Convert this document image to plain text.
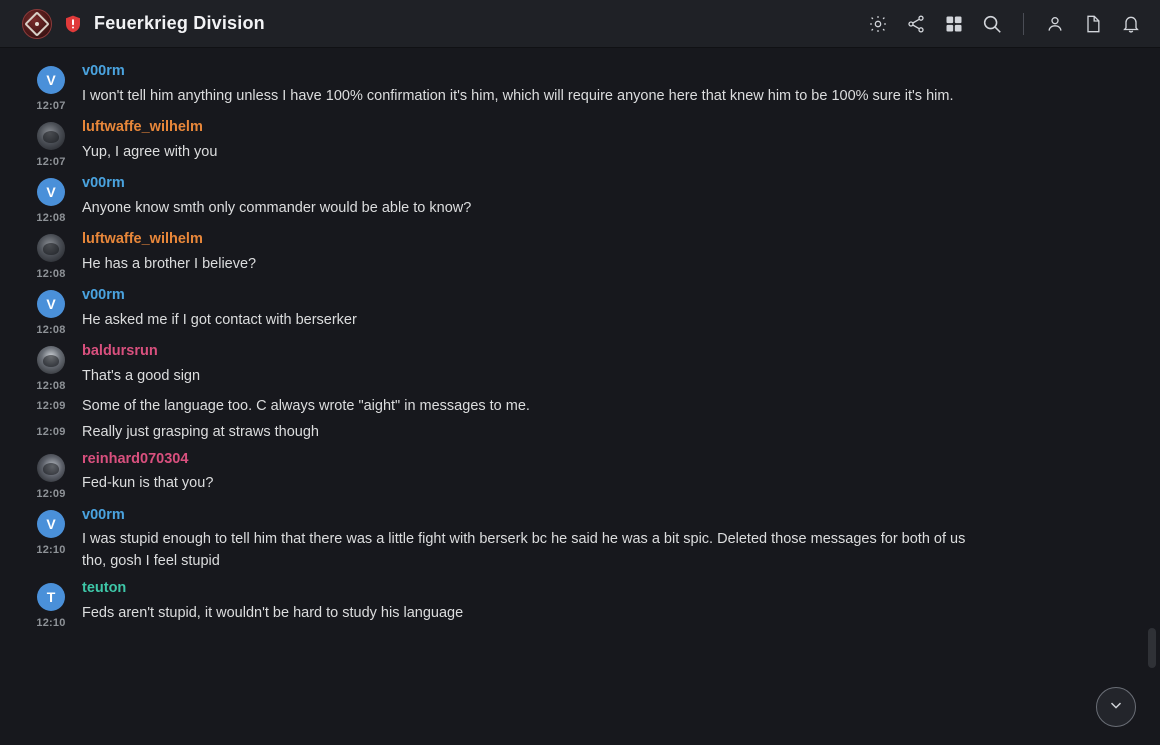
Feuerkrieg Division
V
12:07
v00rm
I won't tell him anything unless I have 100% confirmation it's him, which will require anyone here that knew him to be 100% sure it's him.
12:07
luftwaffe_wilhelm
Yup, I agree with you
V
12:08
v00rm
Anyone know smth only commander would be able to know?
12:08
luftwaffe_wilhelm
He has a brother I believe?
V
12:08
v00rm
He asked me if I got contact with berserker
12:08
baldursrun
That's a good sign
12:09 Some of the language too. C always wrote "aight" in messages to me.
12:09 Really just grasping at straws though
12:09
reinhard070304
Fed-kun is that you?
V
12:10
v00rm
I was stupid enough to tell him that there was a little fight with berserk bc he said he was a bit spic. Deleted those messages for both of us tho, gosh I feel stupid
T
12:10
teuton
Feds aren't stupid, it wouldn't be hard to study his language
